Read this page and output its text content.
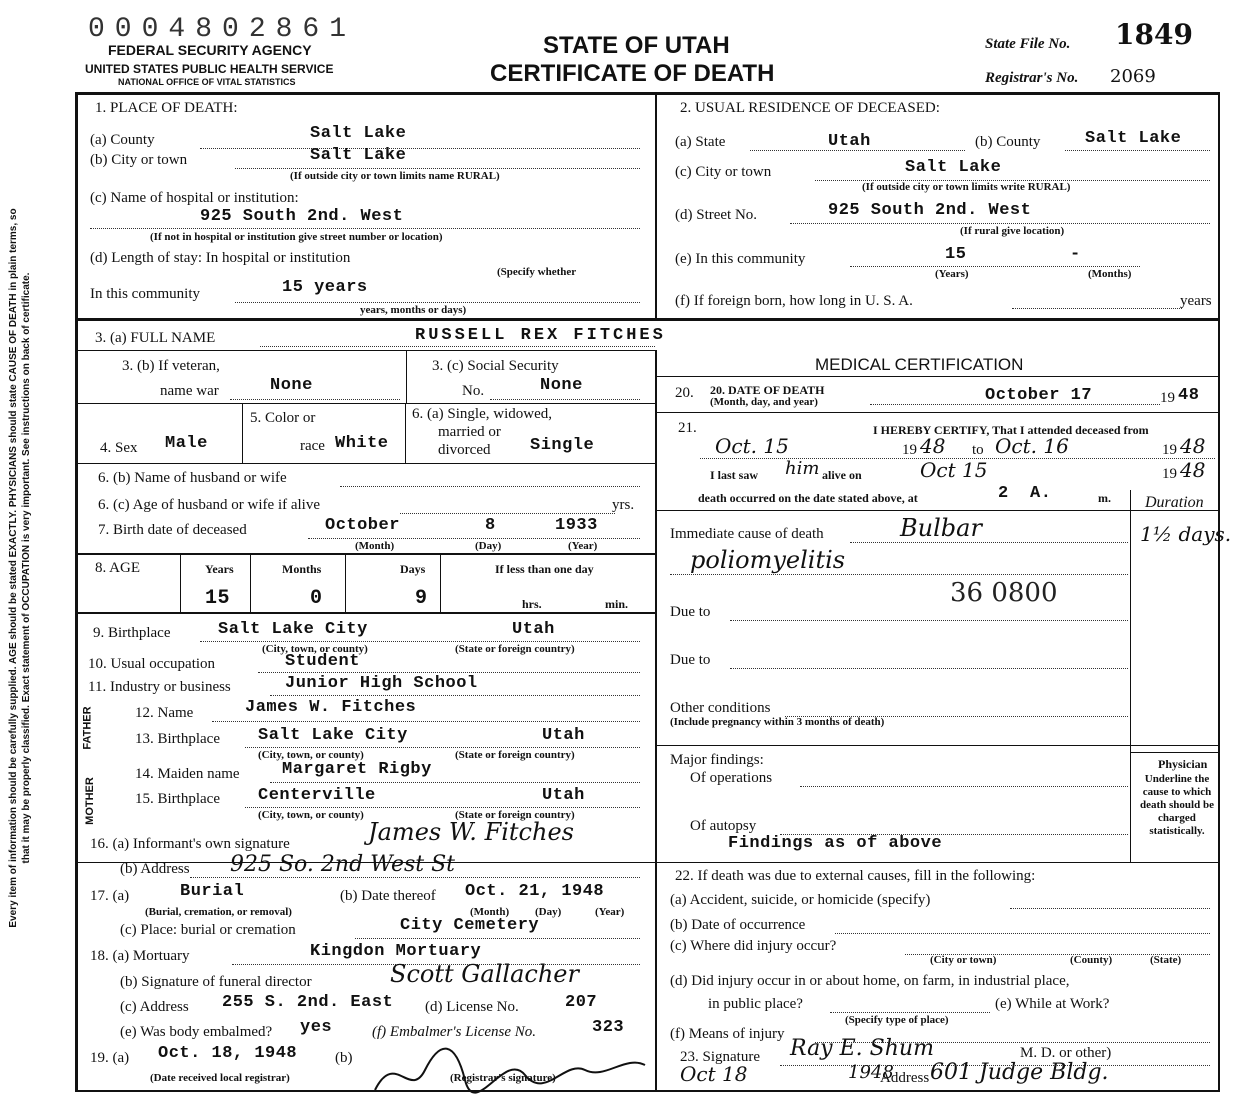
0004802861
FEDERAL SECURITY AGENCY
UNITED STATES PUBLIC HEALTH SERVICE
NATIONAL OFFICE OF VITAL STATISTICS
STATE OF UTAH
CERTIFICATE OF DEATH
State File No. 1849
Registrar's No. 2069
Every item of information should be carefully supplied. AGE should be stated EXACTLY. PHYSICIANS should state CAUSE OF DEATH in plain terms, so that it may be properly classified. Exact statement of OCCUPATION is very important. See instructions on back of certificate.
1. PLACE OF DEATH:
(a) County	Salt Lake
(b) City or town	Salt Lake
(If outside city or town limits name RURAL)
(c) Name of hospital or institution:
925 South 2nd. West
(If not in hospital or institution give street number or location)
(d) Length of stay: In hospital or institution
(Specify whether
In this community	15 years
years, months or days)
2. USUAL RESIDENCE OF DECEASED:
(a) State	Utah	(b) County	Salt Lake
(c) City or town	Salt Lake
(If outside city or town limits write RURAL)
(d) Street No.	925 South 2nd. West
(If rural give location)
(e) In this community	15	-
(Years)	(Months)
(f) If foreign born, how long in U. S. A.	years
3. (a) FULL NAME	RUSSELL REX FITCHES
3. (b) If veteran,
name war	None
3. (c) Social Security
No.	None
4. Sex Male
5. Color or
race White
6. (a) Single, widowed,
married or
divorced Single
6. (b) Name of husband or wife
6. (c) Age of husband or wife if alive	yrs.
7. Birth date of deceased	October	8	1933
(Month)	(Day)	(Year)
8. AGE	Years	Months	Days	If less than one day
15	0	9	hrs.	min.
9. Birthplace	Salt Lake City	Utah
(City, town, or county)	(State or foreign country)
10. Usual occupation	Student
11. Industry or business	Junior High School
FATHER
MOTHER
12. Name	James W. Fitches
13. Birthplace Salt Lake City	Utah
(City, town, or county)	(State or foreign country)
14. Maiden name Margaret Rigby
15. Birthplace Centerville	Utah
(City, town, or county)	(State or foreign country)
16. (a) Informant's own signature	James W. Fitches
(b) Address 925 So. 2nd West St
17. (a)	Burial
(Burial, cremation, or removal)
(b) Date thereof Oct. 21, 1948
(Month) (Day)	(Year)
(c) Place: burial or cremation	City Cemetery
18. (a) Mortuary	Kingdon Mortuary
(b) Signature of funeral director	Scott Gallacher
(c) Address 255 S. 2nd. East (d) License No.	207
(e) Was body embalmed? yes	(f) Embalmer's License No.	323
19. (a) Oct. 18, 1948
(Date received local registrar)
(b)
(Registrar's signature)
MEDICAL CERTIFICATION
20. DATE OF DEATH
(Month, day, and year)
20.	October 17	19 48
21.	I HEREBY CERTIFY, That I attended deceased from
Oct. 15	19 48 to Oct. 16	19 48
I last saw him alive on	Oct 15	19 48
death occurred on the date stated above, at	2 A.	m. Duration
Immediate cause of death	Bulbar
poliomyelitis
1½ days.
36 0800
Due to
Due to
Other conditions
(Include pregnancy within 3 months of death)
Major findings:
Of operations
Of autopsy
Findings as of above
Physician
Underline the cause to which death should be charged statistically.
22. If death was due to external causes, fill in the following:
(a) Accident, suicide, or homicide (specify)
(b) Date of occurrence
(c) Where did injury occur?
(City or town)	(County)	(State)
(d) Did injury occur in or about home, on farm, in industrial place,
in public place?
(Specify type of place)
(e) While at Work?
(f) Means of injury
23. Signature Ray E. Shum	M. D. or other)
Oct 18	1948
Address 601 Judge Bldg.
